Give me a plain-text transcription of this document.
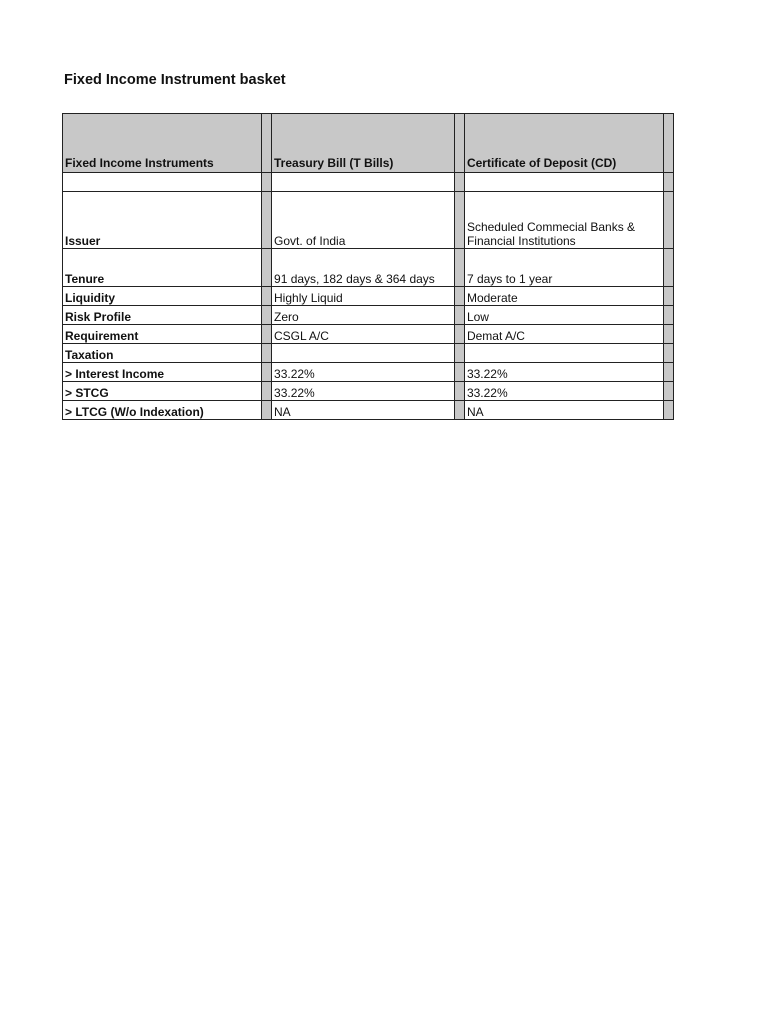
Fixed Income Instrument basket
Fixed Income Instruments		Treasury Bill (T Bills)		Certificate of Deposit (CD)	

Issuer		Govt. of India		Scheduled Commecial Banks & Financial Institutions	
Tenure		91 days, 182 days & 364 days		7 days to 1 year	
Liquidity		Highly Liquid		Moderate	
Risk Profile		Zero		Low	
Requirement		CSGL A/C		Demat A/C	
Taxation					
> Interest Income		33.22%		33.22%	
> STCG		33.22%		33.22%	
> LTCG (W/o Indexation)		NA		NA	
